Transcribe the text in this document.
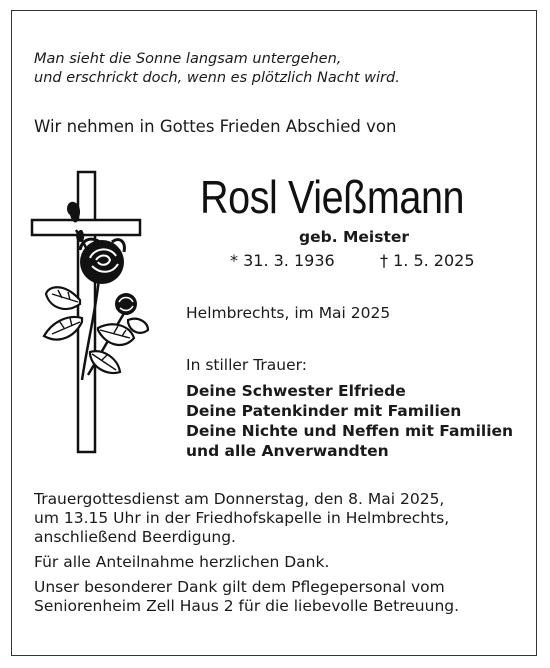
Man sieht die Sonne langsam untergehen,
und erschrickt doch, wenn es plötzlich Nacht wird.
Wir nehmen in Gottes Frieden Abschied von
Rosl Vießmann
geb. Meister
* 31. 3. 1936	† 1. 5. 2025
Helmbrechts, im Mai 2025
In stiller Trauer:
Deine Schwester Elfriede
Deine Patenkinder mit Familien
Deine Nichte und Neffen mit Familien
und alle Anverwandten
Trauergottesdienst am Donnerstag, den 8. Mai 2025,
um 13.15 Uhr in der Friedhofskapelle in Helmbrechts,
anschließend Beerdigung.
Für alle Anteilnahme herzlichen Dank.
Unser besonderer Dank gilt dem Pflegepersonal vom
Seniorenheim Zell Haus 2 für die liebevolle Betreuung.
